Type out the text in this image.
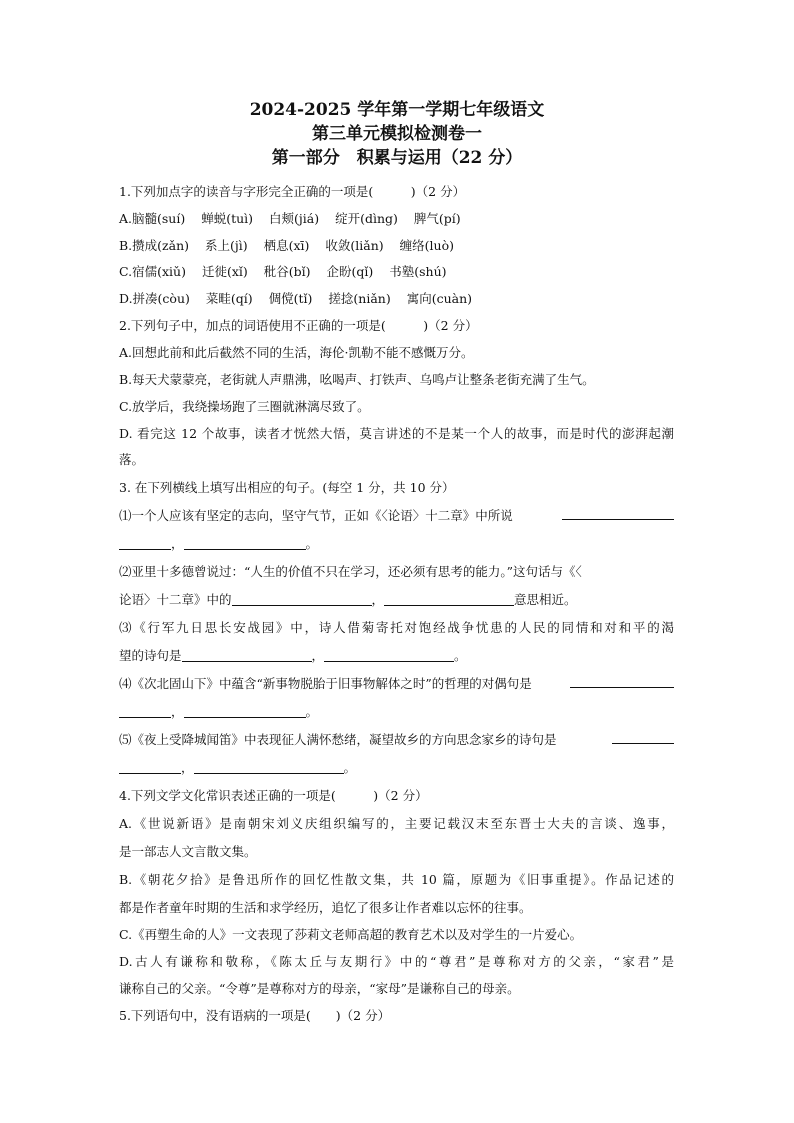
2024-2025 学年第一学期七年级语文
第三单元模拟检测卷一
第一部分　积累与运用（22 分）
1.下列加点字的读音与字形完全正确的一项是(　　　)（2 分）
A.脑髓(suí) 蝉蜕(tuì) 白颊(jiá) 绽开(dìng) 脾气(pí)
B.攒成(zǎn) 系上(jì) 栖息(xī) 收敛(liǎn) 缠络(luò)
C.宿儒(xiǔ) 迁徙(xǐ) 秕谷(bǐ) 企盼(qǐ) 书塾(shú)
D.拼凑(còu) 菜畦(qí) 倜傥(tǐ) 搓捻(niǎn) 寓向(cuàn)
2.下列句子中，加点的词语使用不正确的一项是(　　　)（2 分）
A.回想此前和此后截然不同的生活，海伦·凯勒不能不感慨万分。
B.每天犬蒙蒙亮，老街就人声鼎沸，吆喝声、打铁声、乌鸣卢让整条老街充满了生气。
C.放学后，我绕操场跑了三圈就淋漓尽致了。
D. 看完这 12 个故事，读者才恍然大悟，莫言讲述的不是某一个人的故事，而是时代的澎湃起潮
落。
3. 在下列横线上填写出相应的句子。(每空 1 分，共 10 分）
⑴一个人应该有坚定的志向，坚守气节，正如《〈论语〉十二章》中所说
，	。
⑵亚里十多德曾说过：“人生的价值不只在学习，还必须有思考的能力。”这句话与《〈
论语〉十二章》中的	，	意思相近。
⑶《行军九日思长安战园》中，诗人借菊寄托对饱经战争忧患的人民的同情和对和平的渴
望的诗句是	，	。
⑷《次北固山下》中蕴含“新事物脱胎于旧事物解体之时”的哲理的对偶句是
，	。
⑸《夜上受降城闻笛》中表现征人满怀愁绪，凝望故乡的方向思念家乡的诗句是
，	。
4.下列文学文化常识表述正确的一项是(　　　)（2 分）
A.《世说新语》是南朝宋刘义庆组织编写的，主要记载汉末至东晋士大夫的言谈、逸事，
是一部志人文言散文集。
B.《朝花夕拾》是鲁迅所作的回忆性散文集，共 10 篇，原题为《旧事重提》。作品记述的
都是作者童年时期的生活和求学经历，追忆了很多让作者难以忘怀的往事。
C.《再塑生命的人》一文表现了莎莉文老师高超的教育艺术以及对学生的一片爱心。
D.古人有谦称和敬称，《陈太丘与友期行》中的“尊君”是尊称对方的父亲，“家君”是
谦称自己的父亲。“令尊”是尊称对方的母亲，“家母”是谦称自己的母亲。
5.下列语句中，没有语病的一项是(　　)（2 分）
